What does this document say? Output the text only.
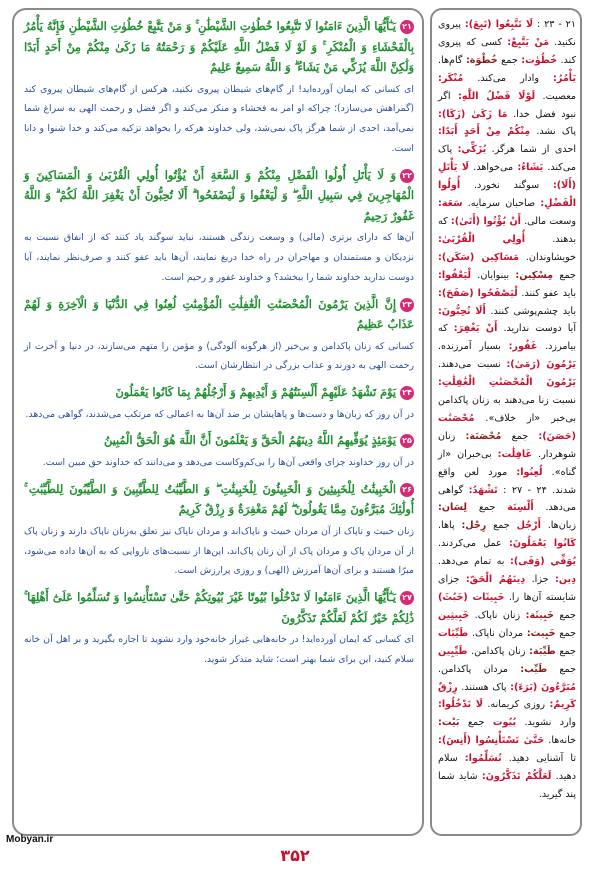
۲۱يَـٰٓأَيُّهَا الَّذِينَ ءَامَنُوا لَا تَتَّبِعُوا خُطُوٰتِ الشَّيْطَٰنِ ۚ وَ مَنْ يَتَّبِعْ خُطُوٰتِ الشَّيْطَٰنِ فَإِنَّهُ يَأْمُرُ بِالْفَحْشَاءِ وَ الْمُنْكَرِ ۚ وَ لَوْ لَا فَضْلُ اللَّهِ عَلَيْكُمْ وَ رَحْمَتُهُ مَا زَكَىٰ مِنْكُمْ مِنْ أَحَدٍ أَبَدًا وَلَٰكِنَّ اللَّهَ يُزَكِّي مَنْ يَشَاءُ ۗ وَ اللَّهُ سَمِيعٌ عَلِيمٌ

ای کسانی که ایمان آورده‌اید! از گام‌های شیطان پیروی نکنید، هرکس از گام‌های شیطان پیروی کند (گمراهش می‌سازد)؛ چراکه او امر به فحشاء و منکر می‌کند و اگر فضل و رحمت الهی به سراغ شما نمی‌آمد، احدی از شما هرگز پاک نمی‌شد، ولی خداوند هرکه را بخواهد تزکیه می‌کند و خدا شنوا و دانا است.

۲۲وَ لَا يَأْتَلِ أُولُوا الْفَضْلِ مِنْكُمْ وَ السَّعَةِ أَنْ يُؤْتُوا أُولِي الْقُرْبَىٰ وَ الْمَسَاكِينَ وَ الْمُهَاجِرِينَ فِي سَبِيلِ اللَّهِ ۖ وَ لْيَعْفُوا وَ لْيَصْفَحُوا ۗ أَلَا تُحِبُّونَ أَنْ يَغْفِرَ اللَّهُ لَكُمْ ۗ وَ اللَّهُ غَفُورٌ رَحِيمٌ

آن‌ها که دارای برتری (مالی) و وسعت زندگی هستند، نباید سوگند یاد کنند که از انفاق نسبت به نزدیکان و مستمندان و مهاجران در راه خدا دریغ نمایند، آن‌ها باید عفو کنند و صرف‌نظر نمایند، آیا دوست ندارید خداوند شما را ببخشد؟ و خداوند غفور و رحیم است.

۲۳إِنَّ الَّذِينَ يَرْمُونَ الْمُحْصَنَٰتِ الْغَٰفِلَٰتِ الْمُؤْمِنَٰتِ لُعِنُوا فِي الدُّنْيَا وَ الْآخِرَةِ وَ لَهُمْ عَذَابٌ عَظِيمٌ

کسانی که زنان پاکدامن و بی‌خبر (از هرگونه آلودگی) و مؤمن را متهم می‌سازند، در دنیا و آخرت از رحمت الهی به دورند و عذاب بزرگی در انتظارشان است.

۲۴يَوْمَ تَشْهَدُ عَلَيْهِمْ أَلْسِنَتُهُمْ وَ أَيْدِيهِمْ وَ أَرْجُلُهُمْ بِمَا كَانُوا يَعْمَلُونَ

در آن روز که زبان‌ها و دست‌ها و پاهایشان بر ضد آن‌ها به اعمالی که مرتکب می‌شدند، گواهی می‌دهد.

۲۵يَوْمَئِذٍ يُوَفِّيهِمُ اللَّهُ دِينَهُمُ الْحَقَّ وَ يَعْلَمُونَ أَنَّ اللَّهَ هُوَ الْحَقُّ الْمُبِينُ

در آن روز خداوند جزای واقعی آن‌ها را بی‌کم‌وکاست می‌دهد و می‌دانند که خداوند حق مبین است.

۲۶الْخَبِيثَٰتُ لِلْخَبِيثِينَ وَ الْخَبِيثُونَ لِلْخَبِيثَٰتِ ۖ وَ الطَّيِّبَٰتُ لِلطَّيِّبِينَ وَ الطَّيِّبُونَ لِلطَّيِّبَٰتِ ۚ أُولَٰئِكَ مُبَرَّءُونَ مِمَّا يَقُولُونَ ۖ لَهُمْ مَغْفِرَةٌ وَ رِزْقٌ كَرِيمٌ

زنان خبیث و ناپاک از آن مردان خبیث و ناپاک‌اند و مردان ناپاک نیز تعلق به‌زنان ناپاک دارند و زنان پاک از آن مردان پاک و مردان پاک از آن زنان پاک‌اند، این‌ها از نسبت‌های ناروایی که به آن‌ها داده می‌شود، مبرّا هستند و برای آن‌ها آمرزش (الهی) و روزی پرارزش است.

۲۷يَـٰٓأَيُّهَا الَّذِينَ ءَامَنُوا لَا تَدْخُلُوا بُيُوتًا غَيْرَ بُيُوتِكُمْ حَتَّىٰ تَسْتَأْنِسُوا وَ تُسَلِّمُوا عَلَىٰٓ أَهْلِهَا ۚ ذَٰلِكُمْ خَيْرٌ لَكُمْ لَعَلَّكُمْ تَذَكَّرُونَ

ای کسانی که ایمان آورده‌اید! در خانه‌هایی غیراز خانه‌خود وارد نشوید تا اجازه بگیرید و بر اهل آن خانه سلام کنید، این برای شما بهتر است؛ شاید متذکر شوید.
۲۱ - ۲۳ : لَا تَتَّبِعُوا (تَبِعَ): پیروی نکنید. مَنْ يَتَّبِعْ: کسی که پیروی کند. خُطُوٰت: جمع خُطْوَة: گام‌ها. يَأْمُرُ: وادار می‌کند. مُنْكَر: معصیت. لَوْلَا فَضْلُ اللَّهِ: اگر نبود فضل خدا. مَا زَكَىٰ (زَكَا): پاک نشد. مِنْكُمْ مِنْ أَحَدٍ أَبَدًا: احدی از شما هرگز. يُزَكِّي: پاک می‌کند. يَشَاءُ: می‌خواهد. لَا يَأْتَلِ (أَلَا): سوگند نخورد. أُولُوا الْفَضْلِ: صاحبان سرمایه. سَعَة: وسعت مالی. أَنْ يُؤْتُوا (أَتَىٰ): که بدهند. أُولِي الْقُرْبَىٰ: خویشاوندان. مَسَاكِين (سَكَن): جمع مِسْكِين: بینوایان. لْيَعْفُوا: باید عفو کنند. لْيَصْفَحُوا (صَفَحَ): باید چشم‌پوشی کنند. أَلَا تُحِبُّونَ: آیا دوست ندارید. أَنْ يَغْفِرَ: که بیامرزد. غَفُور: بسیار آمرزنده. يَرْمُونَ (رَمَىٰ): نسبت می‌دهند. يَرْمُونَ الْمُحْصَنَٰتِ الْغَٰفِلَٰتِ: نسبت زنا می‌دهند به زنان پاکدامن بی‌خبر «از خلاف». مُحْصَنَٰت (حَصَنَ): جمع مُحْصَنَة: زنان شوهردار. غَافِلَٰت: بی‌خبران «از گناه». لُعِنُوا: مورد لعن واقع شدند. ۲۴ - ۲۷ : تَشْهَدُ: گواهی می‌دهد. أَلْسِنَة جمع لِسَان: زبان‌ها. أَرْجُل جمع رِجْل: پاها. كَانُوا يَعْمَلُونَ: عمل می‌کردند. يُوَفِّي (وَفَى): به تمام می‌دهد. دِين: جزا. دِينَهُمُ الْحَقّ: جزای شایسته آن‌ها را. خَبِيثَات (خَبُثَ) جمع خَبِيثَة: زنان ناپاک. خَبِيثِين جمع خَبِيث: مردان ناپاک. طَيِّبَات جمع طَيِّبَة: زنان پاکدامن. طَيِّبِين جمع طَيِّب: مردان پاکدامن. مُبَرَّءُونَ (بَرَءَ): پاک هستند. رِزْقٌ كَرِيمٌ: روزی کریمانه. لَا تَدْخُلُوا: وارد نشوید. بُيُوت جمع بَيْت: خانه‌ها. حَتَّىٰ تَسْتَأْنِسُوا (أَنِسَ): تا آشنایی دهید. تُسَلِّمُوا: سلام دهید. لَعَلَّكُمْ تَذَكَّرُونَ: شاید شما پند گیرید.
Mobyan.ir
۳۵۲
